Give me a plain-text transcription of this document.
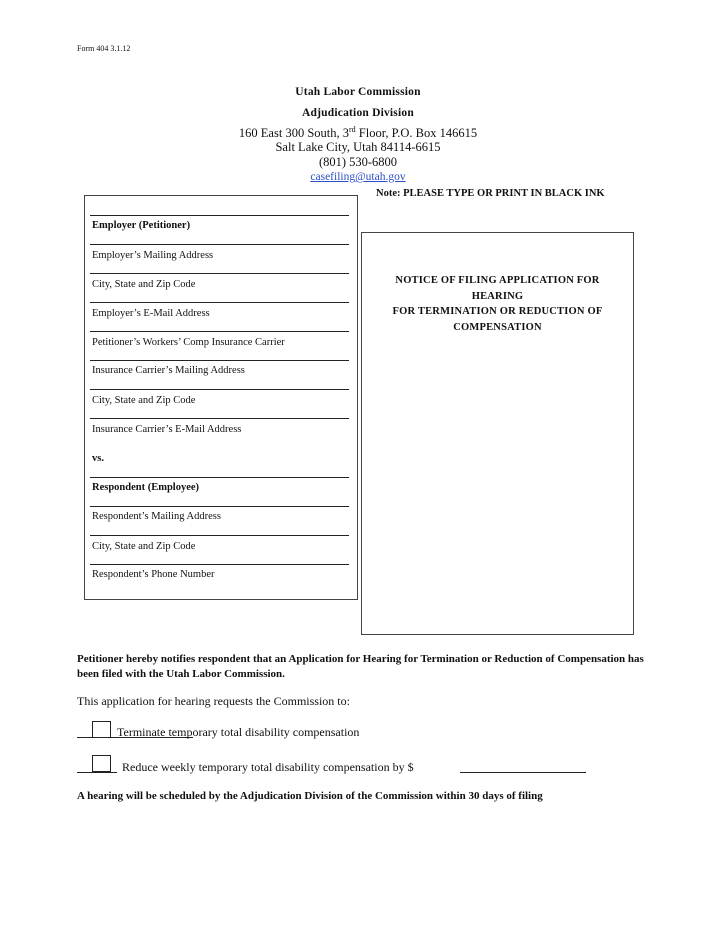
Form 404 3.1.12
Utah Labor Commission
Adjudication Division
160 East 300 South, 3rd Floor, P.O. Box 146615
Salt Lake City, Utah 84114-6615
(801) 530-6800
casefiling@utah.gov
Note: PLEASE TYPE OR PRINT IN BLACK INK
Employer (Petitioner)
Employer’s Mailing Address
City, State and Zip Code
Employer’s E-Mail Address
Petitioner’s Workers’ Comp Insurance Carrier
Insurance Carrier’s Mailing Address
City, State and Zip Code
Insurance Carrier’s E-Mail Address
vs.
Respondent (Employee)
Respondent’s Mailing Address
City, State and Zip Code
Respondent’s Phone Number
NOTICE OF FILING APPLICATION FOR
HEARING
FOR TERMINATION OR REDUCTION OF
COMPENSATION
Petitioner hereby notifies respondent that an Application for Hearing for Termination or Reduction of Compensation has been filed with the Utah Labor Commission.
This application for hearing requests the Commission to:
Terminate temporary total disability compensation
Reduce weekly temporary total disability compensation by $
A hearing will be scheduled by the Adjudication Division of the Commission within 30 days of filing
